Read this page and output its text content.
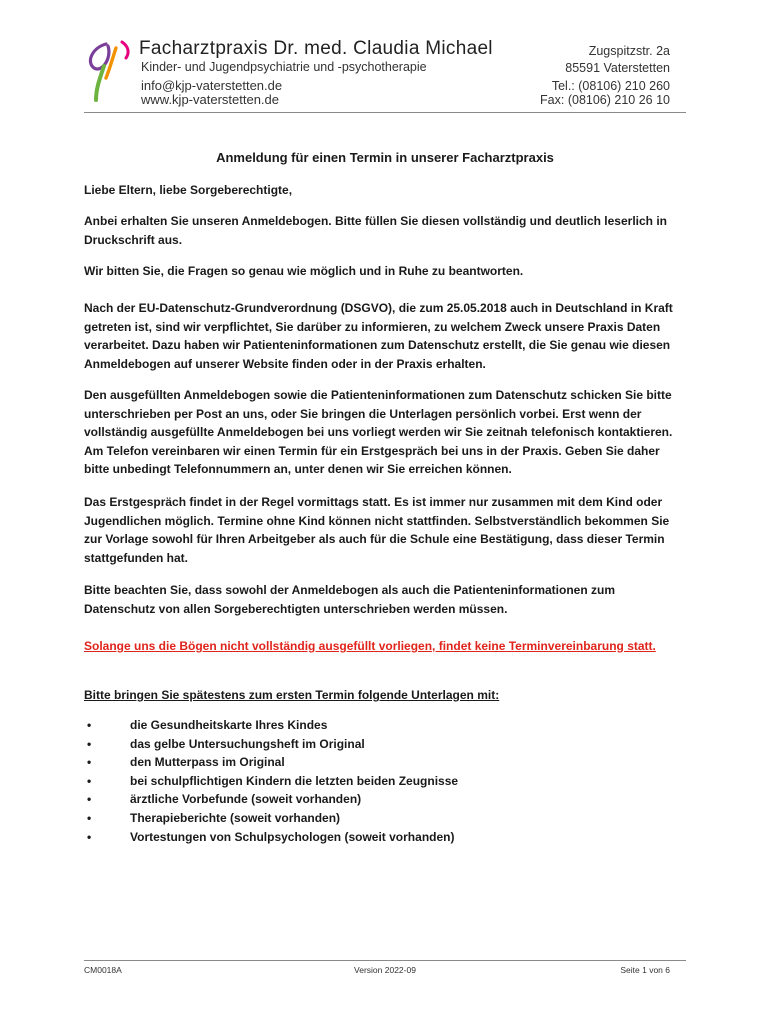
Facharztpraxis Dr. med. Claudia Michael
Kinder- und Jugendpsychiatrie und -psychotherapie
info@kjp-vaterstetten.de
www.kjp-vaterstetten.de
Zugspitzstr. 2a
85591 Vaterstetten
Tel.: (08106) 210 260
Fax: (08106) 210 26 10
Anmeldung für einen Termin in unserer Facharztpraxis

Liebe Eltern, liebe Sorgeberechtigte,

Anbei erhalten Sie unseren Anmeldebogen. Bitte füllen Sie diesen vollständig und deutlich leserlich in Druckschrift aus.

Wir bitten Sie, die Fragen so genau wie möglich und in Ruhe zu beantworten.

Nach der EU-Datenschutz-Grundverordnung (DSGVO), die zum 25.05.2018 auch in Deutschland in Kraft getreten ist, sind wir verpflichtet, Sie darüber zu informieren, zu welchem Zweck unsere Praxis Daten verarbeitet. Dazu haben wir Patienteninformationen zum Datenschutz erstellt, die Sie genau wie diesen Anmeldebogen auf unserer Website finden oder in der Praxis erhalten.

Den ausgefüllten Anmeldebogen sowie die Patienteninformationen zum Datenschutz schicken Sie bitte unterschrieben per Post an uns, oder Sie bringen die Unterlagen persönlich vorbei. Erst wenn der vollständig ausgefüllte Anmeldebogen bei uns vorliegt werden wir Sie zeitnah telefonisch kontaktieren. Am Telefon vereinbaren wir einen Termin für ein Erstgespräch bei uns in der Praxis. Geben Sie daher bitte unbedingt Telefonnummern an, unter denen wir Sie erreichen können.

Das Erstgespräch findet in der Regel vormittags statt. Es ist immer nur zusammen mit dem Kind oder Jugendlichen möglich. Termine ohne Kind können nicht stattfinden. Selbstverständlich bekommen Sie zur Vorlage sowohl für Ihren Arbeitgeber als auch für die Schule eine Bestätigung, dass dieser Termin stattgefunden hat.

Bitte beachten Sie, dass sowohl der Anmeldebogen als auch die Patienteninformationen zum Datenschutz von allen Sorgeberechtigten unterschrieben werden müssen.

Solange uns die Bögen nicht vollständig ausgefüllt vorliegen, findet keine Terminvereinbarung statt.

Bitte bringen Sie spätestens zum ersten Termin folgende Unterlagen mit:

•	die Gesundheitskarte Ihres Kindes
•	das gelbe Untersuchungsheft im Original
•	den Mutterpass im Original
•	bei schulpflichtigen Kindern die letzten beiden Zeugnisse
•	ärztliche Vorbefunde (soweit vorhanden)
•	Therapieberichte (soweit vorhanden)
•	Vortestungen von Schulpsychologen (soweit vorhanden)
CM0018A	Version 2022-09	Seite 1 von 6
